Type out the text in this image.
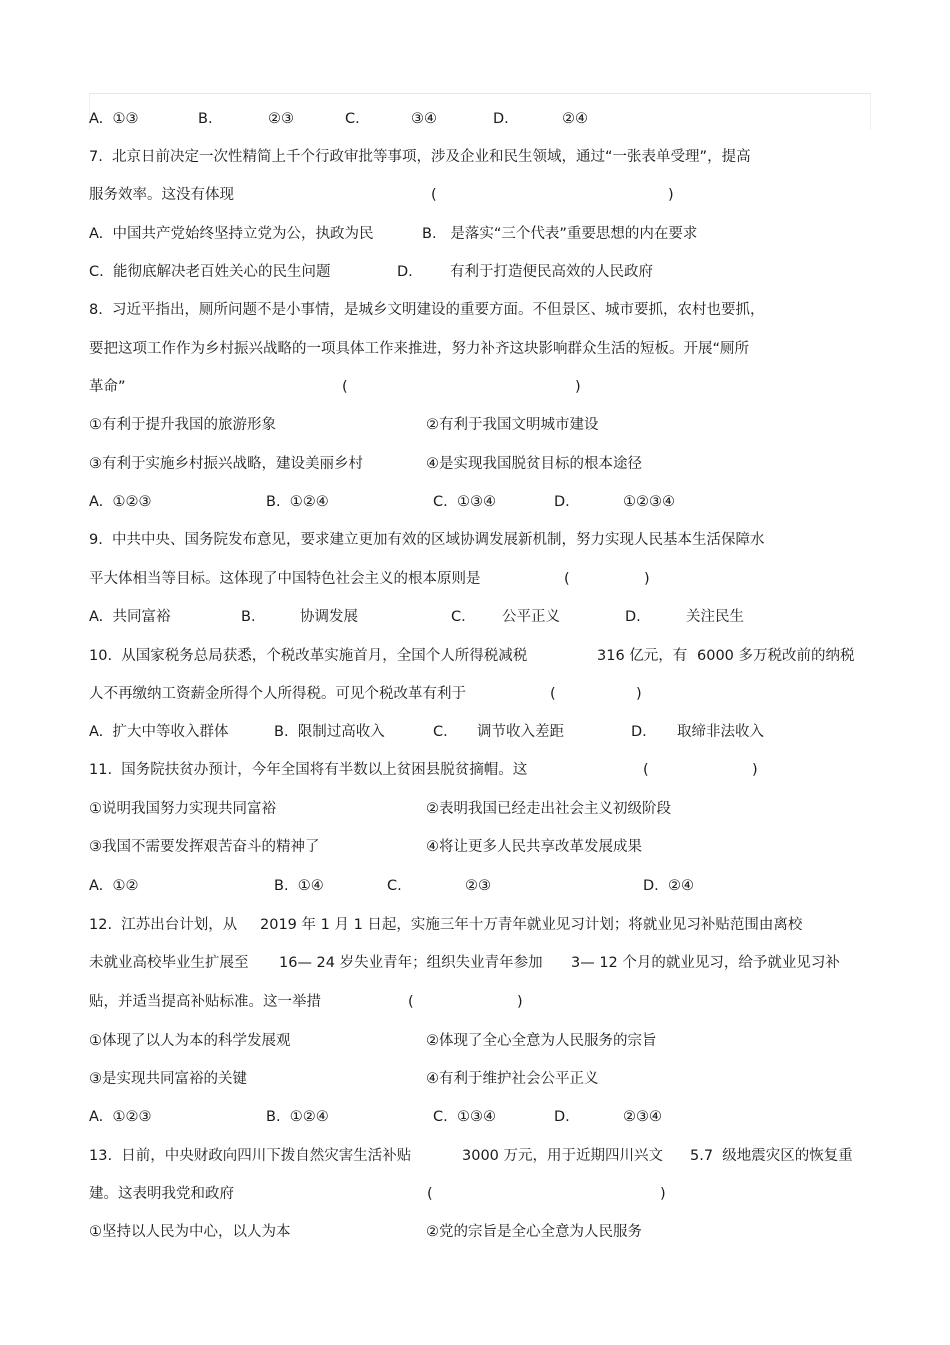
A.  ①③	B.	②③	C.	③④	D.	②④
7.  北京日前决定一次性精简上千个行政审批等事项，涉及企业和民生领域，通过“一张表单受理”，提高
服务效率。这没有体现	(	)
A.  中国共产党始终坚持立党为公，执政为民	B.   是落实“三个代表”重要思想的内在要求
C.  能彻底解决老百姓关心的民生问题	D.	有利于打造便民高效的人民政府
8.  习近平指出，厕所问题不是小事情，是城乡文明建设的重要方面。不但景区、城市要抓，农村也要抓，
要把这项工作作为乡村振兴战略的一项具体工作来推进，努力补齐这块影响群众生活的短板。开展“厕所
革命”	(	)
①有利于提升我国的旅游形象	②有利于我国文明城市建设
③有利于实施乡村振兴战略，建设美丽乡村	④是实现我国脱贫目标的根本途径
A.  ①②③	B.  ①②④	C.  ①③④	D.	①②③④
9.  中共中央、国务院发布意见，要求建立更加有效的区域协调发展新机制，努力实现人民基本生活保障水
平大体相当等目标。这体现了中国特色社会主义的根本原则是	(	)
A.  共同富裕	B.	协调发展	C.	公平正义	D.	关注民生
10.  从国家税务总局获悉，个税改革实施首月，全国个人所得税减税	316 亿元，有 6000 多万税改前的纳税
人不再缴纳工资薪金所得个人所得税。可见个税改革有利于	(	)
A.  扩大中等收入群体	B.  限制过高收入	C. 调节收入差距	D. 取缔非法收入
11.  国务院扶贫办预计，今年全国将有半数以上贫困县脱贫摘帽。这	(	)
①说明我国努力实现共同富裕	②表明我国已经走出社会主义初级阶段
③我国不需要发挥艰苦奋斗的精神了	④将让更多人民共享改革发展成果
A.  ①②	B.  ①④	C.	②③	D.  ②④
12.  江苏出台计划，从 2019 年 1 月 1 日起，实施三年十万青年就业见习计划；将就业见习补贴范围由离校
未就业高校毕业生扩展至 16— 24 岁失业青年；组织失业青年参加 3— 12 个月的就业见习，给予就业见习补
贴，并适当提高补贴标准。这一举措	(	)
①体现了以人为本的科学发展观	②体现了全心全意为人民服务的宗旨
③是实现共同富裕的关键	④有利于维护社会公平正义
A.  ①②③	B.  ①②④	C.  ①③④	D.	②③④
13.  日前，中央财政向四川下拨自然灾害生活补贴	3000 万元，用于近期四川兴文 5.7  级地震灾区的恢复重
建。这表明我党和政府	(	)
①坚持以人民为中心，以人为本	②党的宗旨是全心全意为人民服务
